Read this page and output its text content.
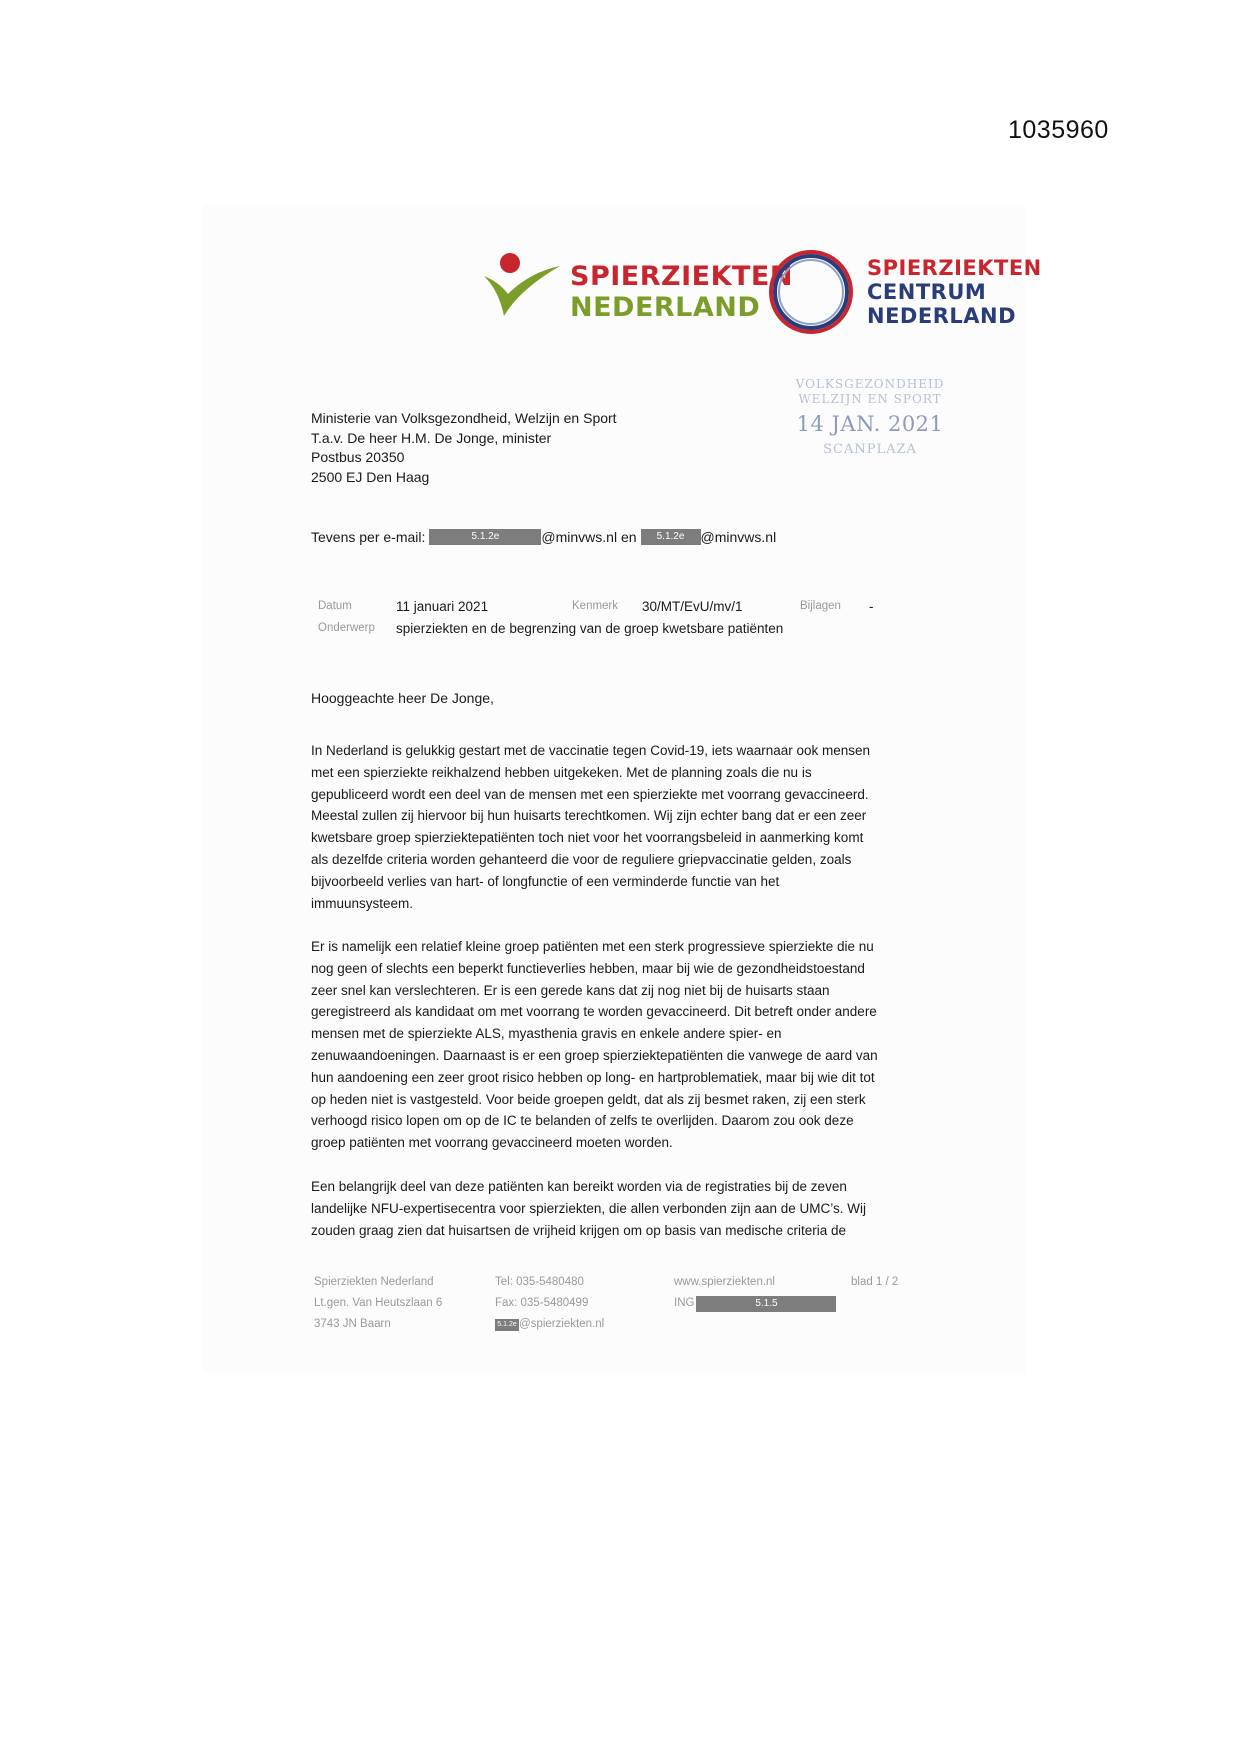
1035960
SPIERZIEKTEN
NEDERLAND
SPIERZIEKTEN
CENTRUM
NEDERLAND
VOLKSGEZONDHEID
WELZIJN EN SPORT
14 JAN. 2021
SCANPLAZA
Ministerie van Volksgezondheid, Welzijn en Sport
T.a.v. De heer H.M. De Jonge, minister
Postbus 20350
2500 EJ Den Haag
Tevens per e-mail:	5.1.2e	@minvws.nl en	5.1.2e	@minvws.nl
Datum	11 januari 2021	Kenmerk 30/MT/EvU/mv/1	Bijlagen -
Onderwerp spierziekten en de begrenzing van de groep kwetsbare patiënten
Hooggeachte heer De Jonge,
In Nederland is gelukkig gestart met de vaccinatie tegen Covid-19, iets waarnaar ook mensen
met een spierziekte reikhalzend hebben uitgekeken. Met de planning zoals die nu is
gepubliceerd wordt een deel van de mensen met een spierziekte met voorrang gevaccineerd.
Meestal zullen zij hiervoor bij hun huisarts terechtkomen. Wij zijn echter bang dat er een zeer
kwetsbare groep spierziektepatiënten toch niet voor het voorrangsbeleid in aanmerking komt
als dezelfde criteria worden gehanteerd die voor de reguliere griepvaccinatie gelden, zoals
bijvoorbeeld verlies van hart- of longfunctie of een verminderde functie van het
immuunsysteem.
Er is namelijk een relatief kleine groep patiënten met een sterk progressieve spierziekte die nu
nog geen of slechts een beperkt functieverlies hebben, maar bij wie de gezondheidstoestand
zeer snel kan verslechteren. Er is een gerede kans dat zij nog niet bij de huisarts staan
geregistreerd als kandidaat om met voorrang te worden gevaccineerd. Dit betreft onder andere
mensen met de spierziekte ALS, myasthenia gravis en enkele andere spier- en
zenuwaandoeningen. Daarnaast is er een groep spierziektepatiënten die vanwege de aard van
hun aandoening een zeer groot risico hebben op long- en hartproblematiek, maar bij wie dit tot
op heden niet is vastgesteld. Voor beide groepen geldt, dat als zij besmet raken, zij een sterk
verhoogd risico lopen om op de IC te belanden of zelfs te overlijden. Daarom zou ook deze
groep patiënten met voorrang gevaccineerd moeten worden.
Een belangrijk deel van deze patiënten kan bereikt worden via de registraties bij de zeven
landelijke NFU-expertisecentra voor spierziekten, die allen verbonden zijn aan de UMC’s. Wij
zouden graag zien dat huisartsen de vrijheid krijgen om op basis van medische criteria de
Spierziekten Nederland
Lt.gen. Van Heutszlaan 6
3743 JN Baarn
Tel: 035-5480480
Fax: 035-5480499
5.1.2e @spierziekten.nl
www.spierziekten.nl
ING	5.1.5
blad 1 / 2
